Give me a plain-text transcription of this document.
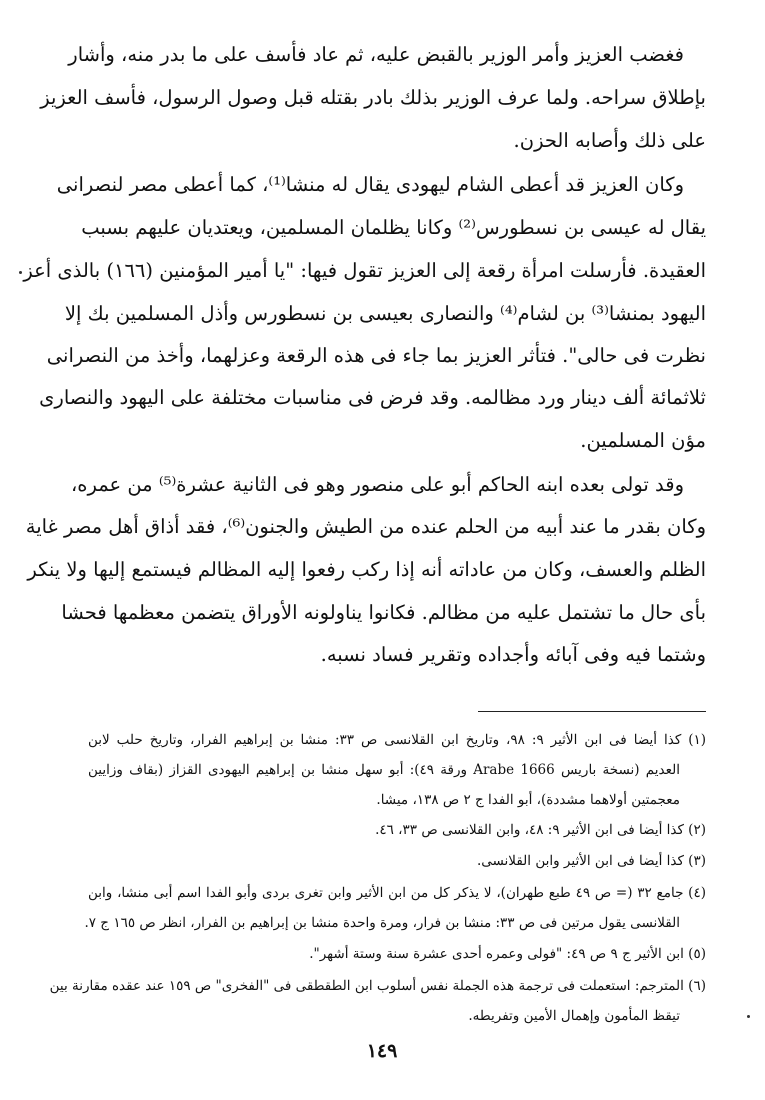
فغضب العزيز وأمر الوزير بالقبض عليه، ثم عاد فأسف على ما بدر منه، وأشار
بإطلاق سراحه. ولما عرف الوزير بذلك بادر بقتله قبل وصول الرسول، فأسف العزيز
على ذلك وأصابه الحزن.
وكان العزيز قد أعطى الشام ليهودى يقال له منشا⁽¹⁾، كما أعطى مصر لنصرانى
يقال له عيسى بن نسطورس⁽²⁾ وكانا يظلمان المسلمين، ويعتديان عليهم بسبب
العقيدة. فأرسلت امرأة رقعة إلى العزيز تقول فيها: "يا أمير المؤمنين (١٦٦) بالذى أعز
اليهود بمنشا⁽³⁾ بن لشام⁽⁴⁾ والنصارى بعيسى بن نسطورس وأذل المسلمين بك إلا
نظرت فى حالى". فتأثر العزيز بما جاء فى هذه الرقعة وعزلهما، وأخذ من النصرانى
ثلاثمائة ألف دينار ورد مظالمه. وقد فرض فى مناسبات مختلفة على اليهود والنصارى
مؤن المسلمين.
وقد تولى بعده ابنه الحاكم أبو على منصور وهو فى الثانية عشرة⁽⁵⁾ من عمره،
وكان بقدر ما عند أبيه من الحلم عنده من الطيش والجنون⁽⁶⁾، فقد أذاق أهل مصر غاية
الظلم والعسف، وكان من عاداته أنه إذا ركب رفعوا إليه المظالم فيستمع إليها ولا ينكر
بأى حال ما تشتمل عليه من مظالم. فكانوا يناولونه الأوراق يتضمن معظمها فحشا
وشتما فيه وفى آبائه وأجداده وتقرير فساد نسبه.
(١) كذا أيضا فى ابن الأثير ٩: ٩٨، وتاريخ ابن القلانسى ص ٣٣: منشا بن إبراهيم الفرار، وتاريخ حلب لابن
العديم (نسخة باريس Arabe 1666 ورقة ٤٩): أبو سهل منشا بن إبراهيم اليهودى القزاز (بقاف وزايين
معجمتين أولاهما مشددة)، أبو الفدا ج ٢ ص ١٣٨، ميشا.
(٢) كذا أيضا فى ابن الأثير ٩: ٤٨، وابن القلانسى ص ٣٣، ٤٦.
(٣) كذا أيضا فى ابن الأثير وابن القلانسى.
(٤) جامع ٣٢ (= ص ٤٩ طبع طهران)، لا يذكر كل من ابن الأثير وابن تغرى بردى وأبو الفدا اسم أبى منشا، وابن
القلانسى يقول مرتين فى ص ٣٣: منشا بن فرار، ومرة واحدة منشا بن إبراهيم بن الفرار، انظر ص ١٦٥ ج ٧.
(٥) ابن الأثير ج ٩ ص ٤٩: "فولى وعمره أحدى عشرة سنة وستة أشهر".
(٦) المترجم: استعملت فى ترجمة هذه الجملة نفس أسلوب ابن الطقطقى فى "الفخرى" ص ١٥٩ عند عقده مقارنة بين
تيقظ المأمون وإهمال الأمين وتفريطه.
١٤٩
